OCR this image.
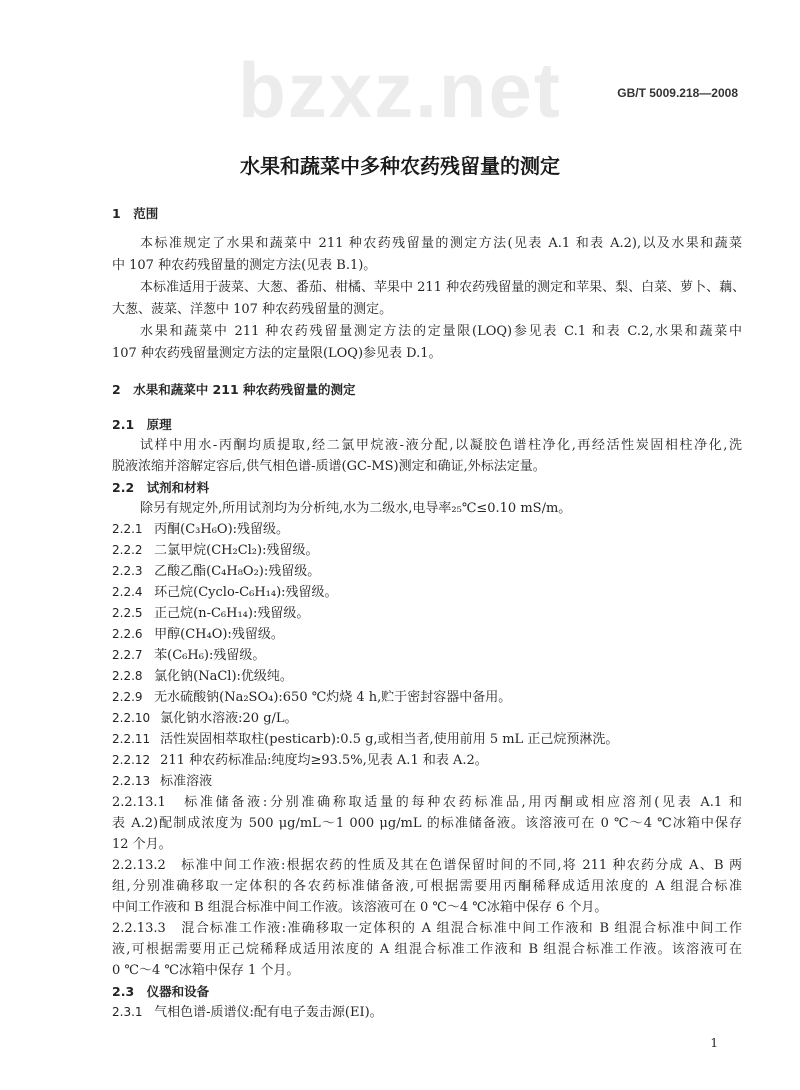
GB/T 5009.218—2008
bzxz.net
水果和蔬菜中多种农药残留量的测定
1　范围
本标准规定了水果和蔬菜中 211 种农药残留量的测定方法(见表 A.1 和表 A.2),以及水果和蔬菜
中 107 种农药残留量的测定方法(见表 B.1)。
本标准适用于菠菜、大葱、番茄、柑橘、苹果中 211 种农药残留量的测定和苹果、梨、白菜、萝卜、藕、
大葱、菠菜、洋葱中 107 种农药残留量的测定。
水果和蔬菜中 211 种农药残留量测定方法的定量限(LOQ)参见表 C.1 和表 C.2,水果和蔬菜中
107 种农药残留量测定方法的定量限(LOQ)参见表 D.1。
2　水果和蔬菜中 211 种农药残留量的测定
2.1　原理
试样中用水-丙酮均质提取,经二氯甲烷液-液分配,以凝胶色谱柱净化,再经活性炭固相柱净化,洗
脱液浓缩并溶解定容后,供气相色谱-质谱(GC-MS)测定和确证,外标法定量。
2.2　试剂和材料
除另有规定外,所用试剂均为分析纯,水为二级水,电导率₂₅℃≤0.10 mS/m。
2.2.1 丙酮(C₃H₆O):残留级。
2.2.2 二氯甲烷(CH₂Cl₂):残留级。
2.2.3 乙酸乙酯(C₄H₈O₂):残留级。
2.2.4 环己烷(Cyclo-C₆H₁₄):残留级。
2.2.5 正己烷(n-C₆H₁₄):残留级。
2.2.6 甲醇(CH₄O):残留级。
2.2.7 苯(C₆H₆):残留级。
2.2.8 氯化钠(NaCl):优级纯。
2.2.9 无水硫酸钠(Na₂SO₄):650 ℃灼烧 4 h,贮于密封容器中备用。
2.2.10 氯化钠水溶液:20 g/L。
2.2.11 活性炭固相萃取柱(pesticarb):0.5 g,或相当者,使用前用 5 mL 正己烷预淋洗。
2.2.12 211 种农药标准品:纯度均≥93.5%,见表 A.1 和表 A.2。
2.2.13 标准溶液
2.2.13.1　标准储备液:分别准确称取适量的每种农药标准品,用丙酮或相应溶剂(见表 A.1 和
表 A.2)配制成浓度为 500 μg/mL～1 000 μg/mL 的标准储备液。该溶液可在 0 ℃～4 ℃冰箱中保存
12 个月。
2.2.13.2　标准中间工作液:根据农药的性质及其在色谱保留时间的不同,将 211 种农药分成 A、B 两
组,分别准确移取一定体积的各农药标准储备液,可根据需要用丙酮稀释成适用浓度的 A 组混合标准
中间工作液和 B 组混合标准中间工作液。该溶液可在 0 ℃～4 ℃冰箱中保存 6 个月。
2.2.13.3　混合标准工作液:准确移取一定体积的 A 组混合标准中间工作液和 B 组混合标准中间工作
液,可根据需要用正己烷稀释成适用浓度的 A 组混合标准工作液和 B 组混合标准工作液。该溶液可在
0 ℃～4 ℃冰箱中保存 1 个月。
2.3　仪器和设备
2.3.1 气相色谱-质谱仪:配有电子轰击源(EI)。
1
